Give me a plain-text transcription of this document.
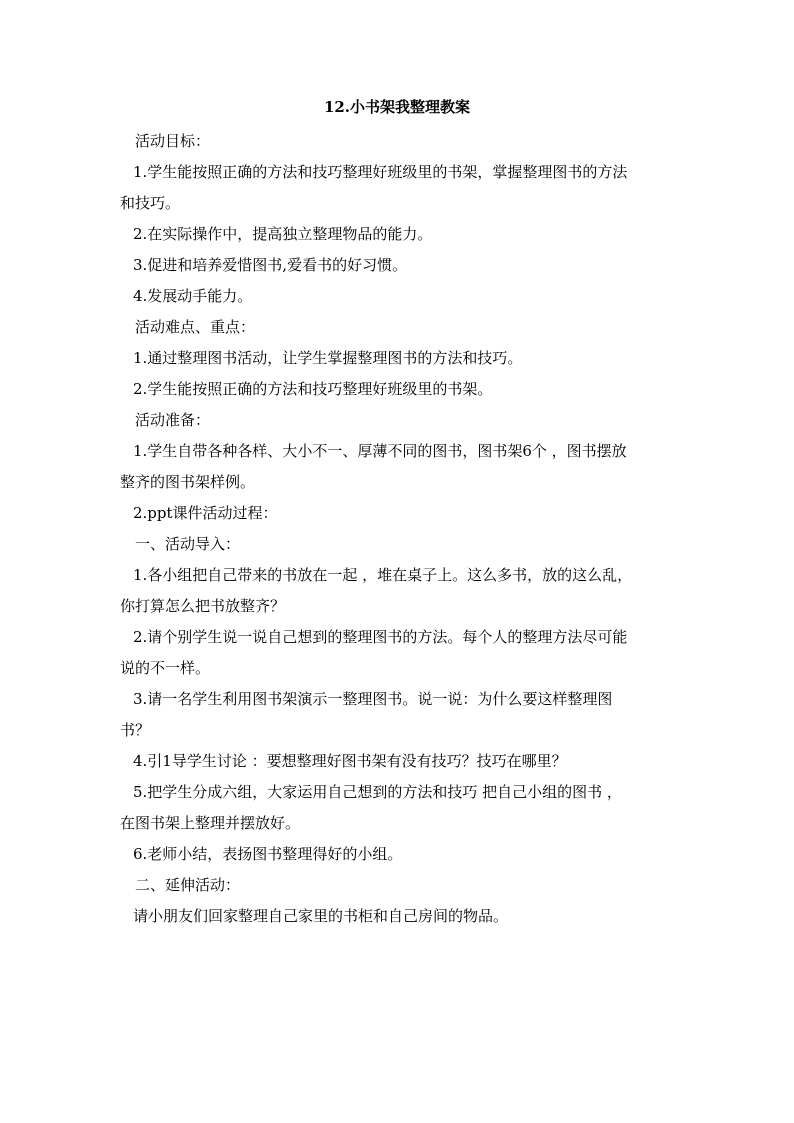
12.小书架我整理教案
活动目标：
1.学生能按照正确的方法和技巧整理好班级里的书架，掌握整理图书的方法
和技巧。
2.在实际操作中，提高独立整理物品的能力。
3.促进和培养爱惜图书,爱看书的好习惯。
4.发展动手能力。
活动难点、重点：
1.通过整理图书活动，让学生掌握整理图书的方法和技巧。
2.学生能按照正确的方法和技巧整理好班级里的书架。
活动准备：
1.学生自带各种各样、大小不一、厚薄不同的图书，图书架6个 ，图书摆放
整齐的图书架样例。
2.ppt课件活动过程：
一、活动导入：
1.各小组把自己带来的书放在一起 ，堆在桌子上。这么多书，放的这么乱，
你打算怎么把书放整齐？
2.请个别学生说一说自己想到的整理图书的方法。每个人的整理方法尽可能
说的不一样。
3.请一名学生利用图书架演示一整理图书。说一说：为什么要这样整理图
书？
4.引1导学生讨论 ：要想整理好图书架有没有技巧？技巧在哪里？
5.把学生分成六组，大家运用自己想到的方法和技巧 把自己小组的图书 ，
在图书架上整理并摆放好。
6.老师小结，表扬图书整理得好的小组。
二、延伸活动：
请小朋友们回家整理自己家里的书柜和自己房间的物品。
